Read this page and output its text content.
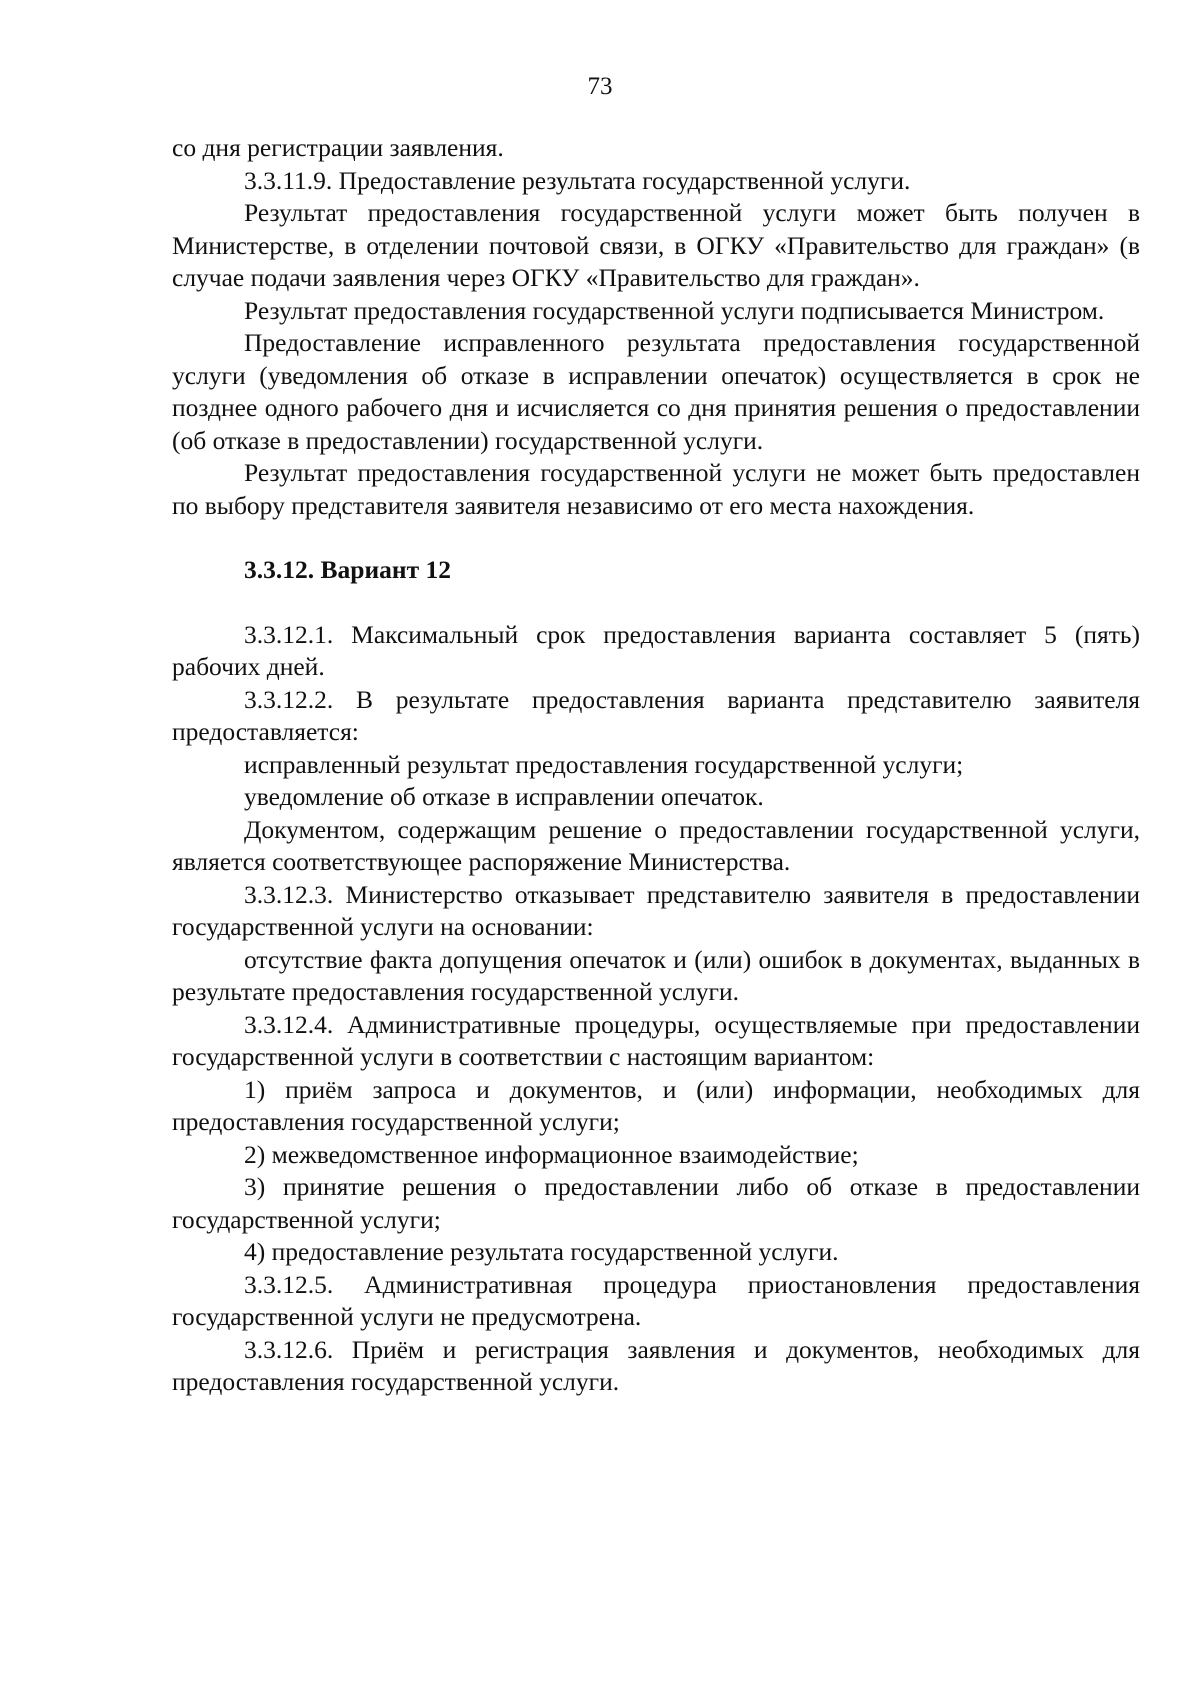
73

со дня регистрации заявления.

3.3.11.9. Предоставление результата государственной услуги.

Результат предоставления государственной услуги может быть получен в Министерстве, в отделении почтовой связи, в ОГКУ «Правительство для граждан» (в случае подачи заявления через ОГКУ «Правительство для граждан».

Результат предоставления государственной услуги подписывается Министром.

Предоставление исправленного результата предоставления государственной услуги (уведомления об отказе в исправлении опечаток) осуществляется в срок не позднее одного рабочего дня и исчисляется со дня принятия решения о предоставлении (об отказе в предоставлении) государственной услуги.

Результат предоставления государственной услуги не может быть предоставлен по выбору представителя заявителя независимо от его места нахождения.

3.3.12. Вариант 12

3.3.12.1. Максимальный срок предоставления варианта составляет 5 (пять) рабочих дней.

3.3.12.2. В результате предоставления варианта представителю заявителя предоставляется:

исправленный результат предоставления государственной услуги;

уведомление об отказе в исправлении опечаток.

Документом, содержащим решение о предоставлении государственной услуги, является соответствующее распоряжение Министерства.

3.3.12.3. Министерство отказывает представителю заявителя в предоставлении государственной услуги на основании:

отсутствие факта допущения опечаток и (или) ошибок в документах, выданных в результате предоставления государственной услуги.

3.3.12.4. Административные процедуры, осуществляемые при предоставлении государственной услуги в соответствии с настоящим вариантом:

1) приём запроса и документов, и (или) информации, необходимых для предоставления государственной услуги;

2) межведомственное информационное взаимодействие;

3) принятие решения о предоставлении либо об отказе в предоставлении государственной услуги;

4) предоставление результата государственной услуги.

3.3.12.5. Административная процедура приостановления предоставления государственной услуги не предусмотрена.

3.3.12.6. Приём и регистрация заявления и документов, необходимых для предоставления государственной услуги.
